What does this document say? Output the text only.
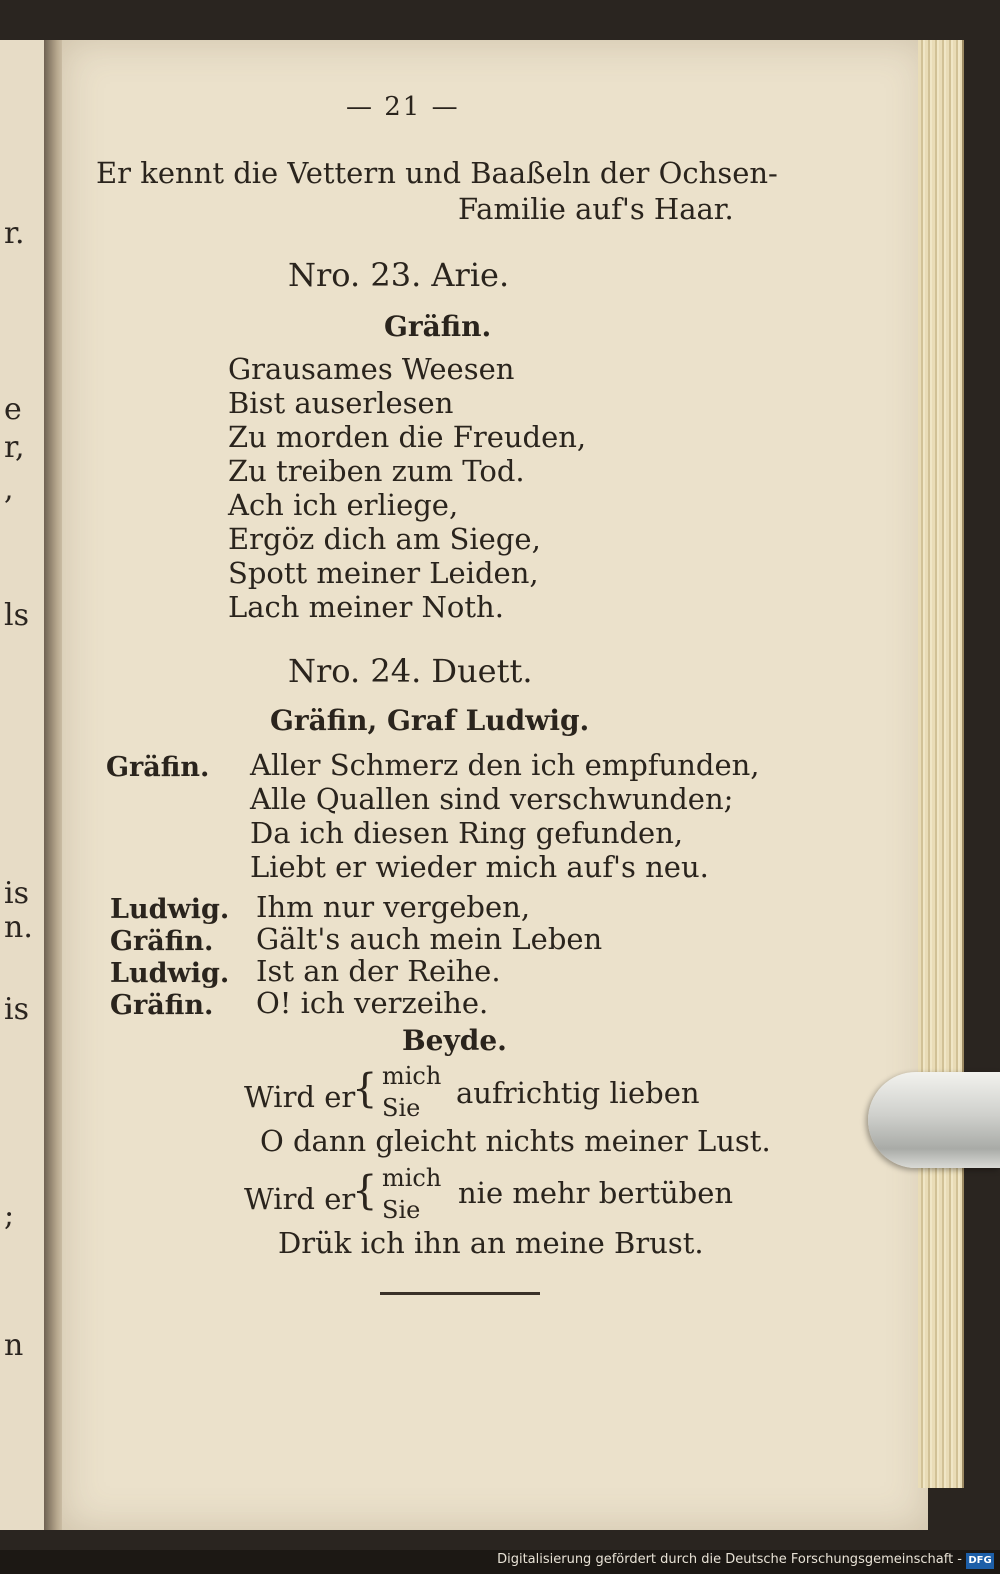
r.
e
r,
,
ls
is
n.
is
;
n
— 21 —
Er kennt die Vettern und Baaßeln der Ochsen-
Familie auf's Haar.
Nro. 23. Arie.
Gräfin.
Grausames Weesen
Bist auserlesen
Zu morden die Freuden,
Zu treiben zum Tod.
Ach ich erliege,
Ergöz dich am Siege,
Spott meiner Leiden,
Lach meiner Noth.
Nro. 24. Duett.
Gräfin, Graf Ludwig.
Gräfin. Aller Schmerz den ich empfunden,
Alle Quallen sind verschwunden;
Da ich diesen Ring gefunden,
Liebt er wieder mich auf's neu.
Ludwig. Ihm nur vergeben,
Gräfin. Gält's auch mein Leben
Ludwig. Ist an der Reihe.
Gräfin. O! ich verzeihe.
Beyde.
Wird er
{ mich
Sie aufrichtig lieben
O dann gleicht nichts meiner Lust.
Wird er
{ mich
Sie nie mehr bertüben
Drük ich ihn an meine Brust.
Digitalisierung gefördert durch die Deutsche Forschungsgemeinschaft - DFG
